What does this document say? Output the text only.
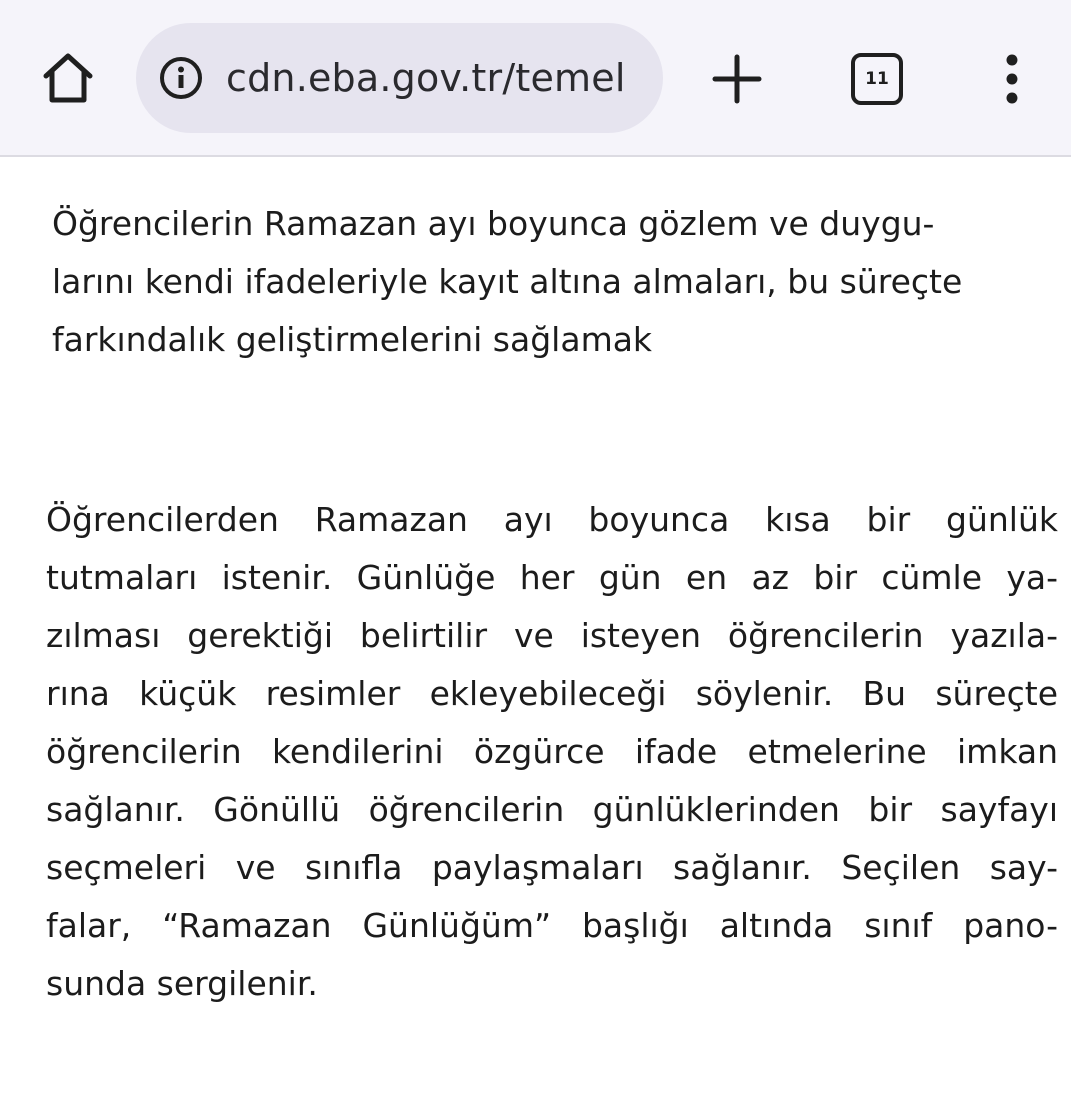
cdn.eba.gov.tr/temel	11

Öğrencilerin Ramazan ayı boyunca gözlem ve duygu-
larını kendi ifadeleriyle kayıt altına almaları, bu süreçte
farkındalık geliştirmelerini sağlamak

Öğrencilerden Ramazan ayı boyunca kısa bir günlük
tutmaları istenir. Günlüğe her gün en az bir cümle ya-
zılması gerektiği belirtilir ve isteyen öğrencilerin yazıla-
rına küçük resimler ekleyebileceği söylenir. Bu süreçte
öğrencilerin kendilerini özgürce ifade etmelerine imkan
sağlanır. Gönüllü öğrencilerin günlüklerinden bir sayfayı
seçmeleri ve sınıfla paylaşmaları sağlanır. Seçilen say-
falar, “Ramazan Günlüğüm” başlığı altında sınıf pano-
sunda sergilenir.
